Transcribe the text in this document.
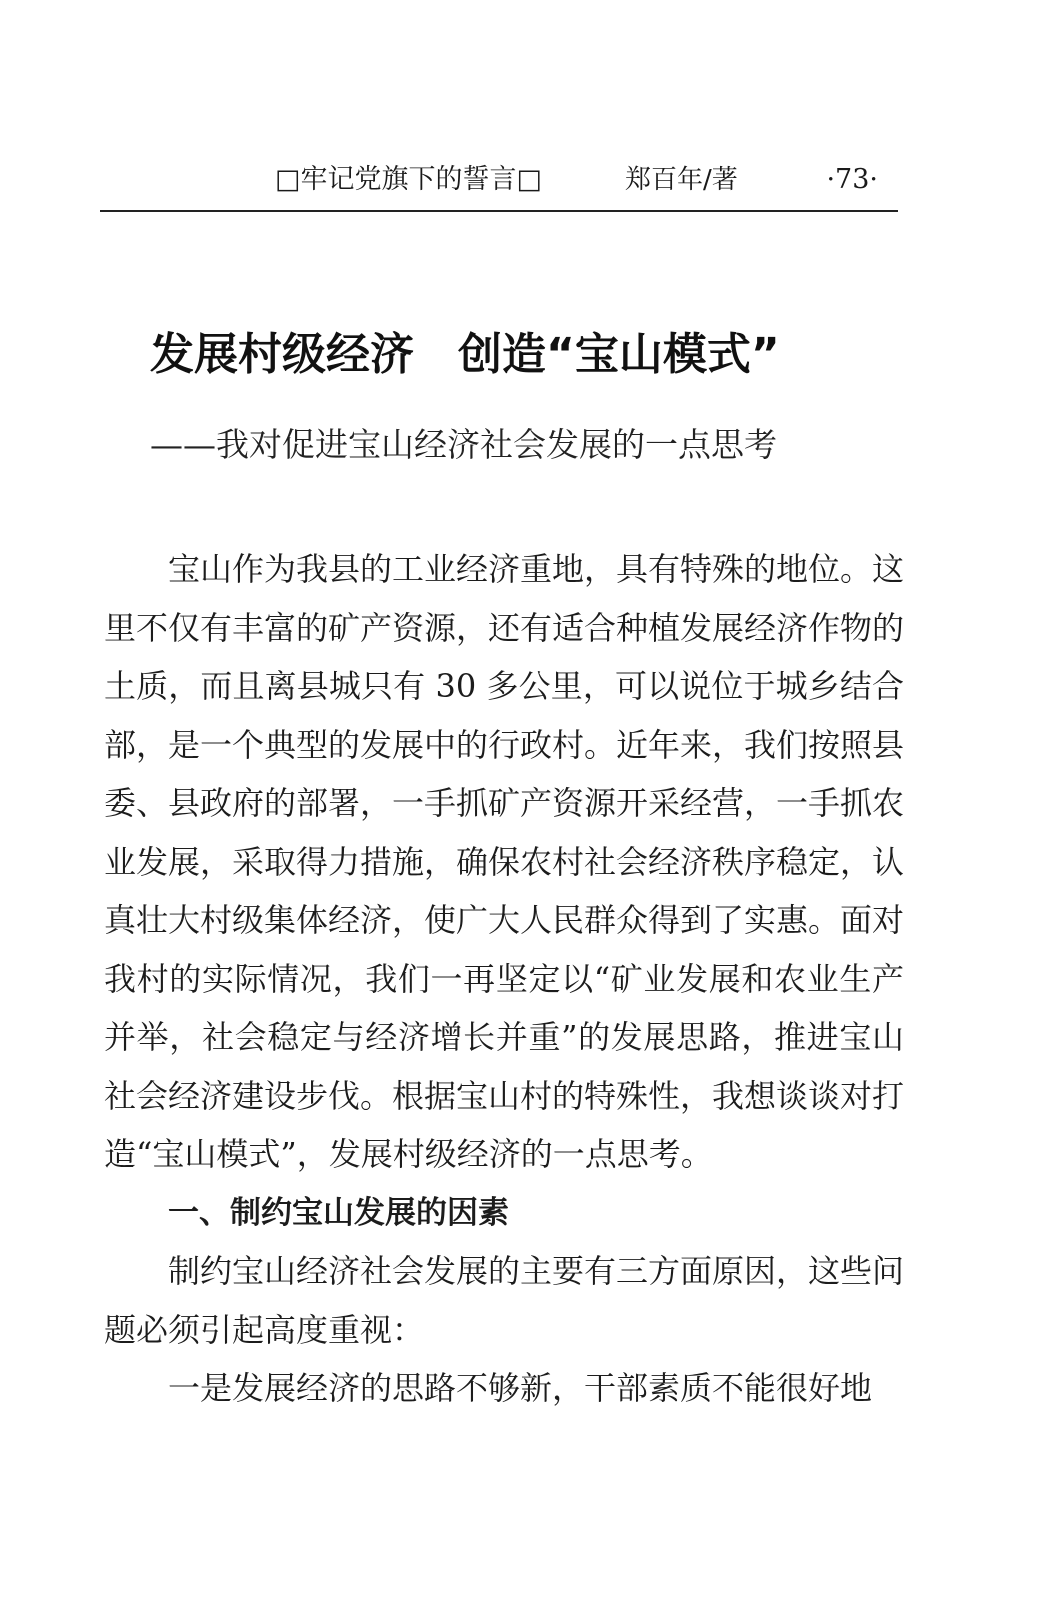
□牢记党旗下的誓言□	郑百年/著	·73·
发展村级经济　创造“宝山模式”
——我对促进宝山经济社会发展的一点思考

宝山作为我县的工业经济重地，具有特殊的地位。这里不仅有丰富的矿产资源，还有适合种植发展经济作物的土质，而且离县城只有 30 多公里，可以说位于城乡结合部，是一个典型的发展中的行政村。近年来，我们按照县委、县政府的部署，一手抓矿产资源开采经营，一手抓农业发展，采取得力措施，确保农村社会经济秩序稳定，认真壮大村级集体经济，使广大人民群众得到了实惠。面对我村的实际情况，我们一再坚定以“矿业发展和农业生产并举，社会稳定与经济增长并重”的发展思路，推进宝山社会经济建设步伐。根据宝山村的特殊性，我想谈谈对打造“宝山模式”，发展村级经济的一点思考。

一、制约宝山发展的因素

制约宝山经济社会发展的主要有三方面原因，这些问题必须引起高度重视：

一是发展经济的思路不够新，干部素质不能很好地
